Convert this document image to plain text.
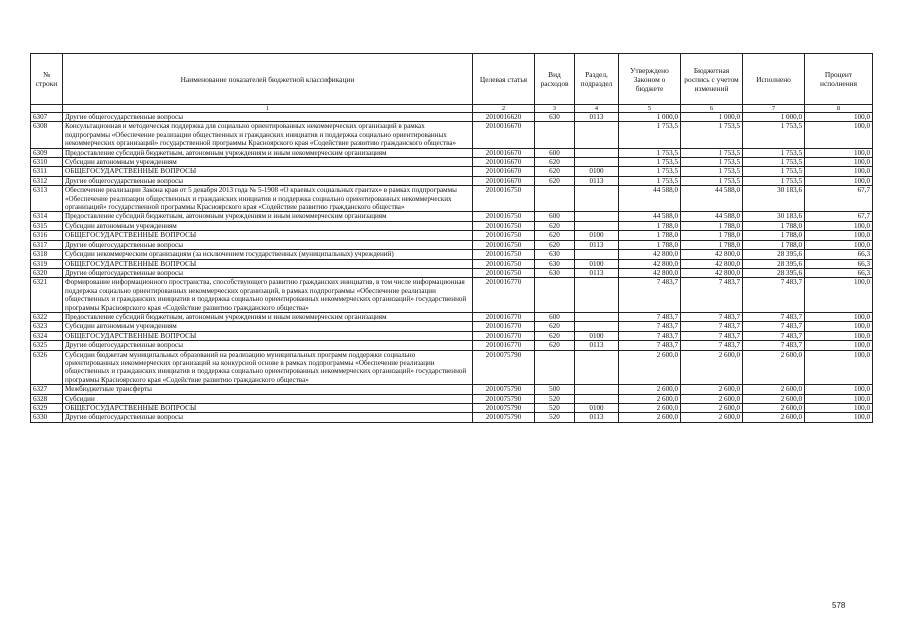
№ строки	Наименование показателей бюджетной классификации	Целевая статья	Вид расходов	Раздел, подраздел	Утверждено Законом о бюджете	Бюджетная роспись с учетом изменений	Исполнено	Процент исполнения
	1	2	3	4	5	6	7	8
6307	Другие общегосударственные вопросы	2010016620	630	0113	1 000,0	1 000,0	1 000,0	100,0
6308	Консультационная и методическая поддержка для социально ориентированных некоммерческих организаций в рамках подпрограммы «Обеспечение реализации общественных и гражданских инициатив и поддержка социально ориентированных некоммерческих организаций» государственной программы Красноярского края «Содействие развитию гражданского общества»	2010016670			1 753,5	1 753,5	1 753,5	100,0
6309	Предоставление субсидий бюджетным, автономным учреждениям и иным некоммерческим организациям	2010016670	600		1 753,5	1 753,5	1 753,5	100,0
6310	Субсидии автономным учреждениям	2010016670	620		1 753,5	1 753,5	1 753,5	100,0
6311	ОБЩЕГОСУДАРСТВЕННЫЕ ВОПРОСЫ	2010016670	620	0100	1 753,5	1 753,5	1 753,5	100,0
6312	Другие общегосударственные вопросы	2010016670	620	0113	1 753,5	1 753,5	1 753,5	100,0
6313	Обеспечение реализации Закона края от 5 декабря 2013 года № 5-1908 «О краевых социальных грантах» в рамках подпрограммы «Обеспечение реализации общественных и гражданских инициатив и поддержка социально ориентированных некоммерческих организаций» государственной программы Красноярского края «Содействие развитию гражданского общества»	2010016750			44 588,0	44 588,0	30 183,6	67,7
6314	Предоставление субсидий бюджетным, автономным учреждениям и иным некоммерческим организациям	2010016750	600		44 588,0	44 588,0	30 183,6	67,7
6315	Субсидии автономным учреждениям	2010016750	620		1 788,0	1 788,0	1 788,0	100,0
6316	ОБЩЕГОСУДАРСТВЕННЫЕ ВОПРОСЫ	2010016750	620	0100	1 788,0	1 788,0	1 788,0	100,0
6317	Другие общегосударственные вопросы	2010016750	620	0113	1 788,0	1 788,0	1 788,0	100,0
6318	Субсидии некоммерческим организациям (за исключением государственных (муниципальных) учреждений)	2010016750	630		42 800,0	42 800,0	28 395,6	66,3
6319	ОБЩЕГОСУДАРСТВЕННЫЕ ВОПРОСЫ	2010016750	630	0100	42 800,0	42 800,0	28 395,6	66,3
6320	Другие общегосударственные вопросы	2010016750	630	0113	42 800,0	42 800,0	28 395,6	66,3
6321	Формирование информационного пространства, способствующего развитию гражданских инициатив, в том числе информационная поддержка социально ориентированных некоммерческих организаций, в рамках подпрограммы «Обеспечение реализации общественных и гражданских инициатив и поддержка социально ориентированных некоммерческих организаций» государственной программы Красноярского края «Содействие развитию гражданского общества»	2010016770			7 483,7	7 483,7	7 483,7	100,0
6322	Предоставление субсидий бюджетным, автономным учреждениям и иным некоммерческим организациям	2010016770	600		7 483,7	7 483,7	7 483,7	100,0
6323	Субсидии автономным учреждениям	2010016770	620		7 483,7	7 483,7	7 483,7	100,0
6324	ОБЩЕГОСУДАРСТВЕННЫЕ ВОПРОСЫ	2010016770	620	0100	7 483,7	7 483,7	7 483,7	100,0
6325	Другие общегосударственные вопросы	2010016770	620	0113	7 483,7	7 483,7	7 483,7	100,0
6326	Субсидии бюджетам муниципальных образований на реализацию муниципальных программ поддержки социально ориентированных некоммерческих организаций на конкурсной основе в рамках подпрограммы «Обеспечение реализации общественных и гражданских инициатив и поддержка социально ориентированных некоммерческих организаций» государственной программы Красноярского края «Содействие развитию гражданского общества»	2010075790			2 600,0	2 600,0	2 600,0	100,0
6327	Межбюджетные трансферты	2010075790	500		2 600,0	2 600,0	2 600,0	100,0
6328	Субсидии	2010075790	520		2 600,0	2 600,0	2 600,0	100,0
6329	ОБЩЕГОСУДАРСТВЕННЫЕ ВОПРОСЫ	2010075790	520	0100	2 600,0	2 600,0	2 600,0	100,0
6330	Другие общегосударственные вопросы	2010075790	520	0113	2 600,0	2 600,0	2 600,0	100,0
578
